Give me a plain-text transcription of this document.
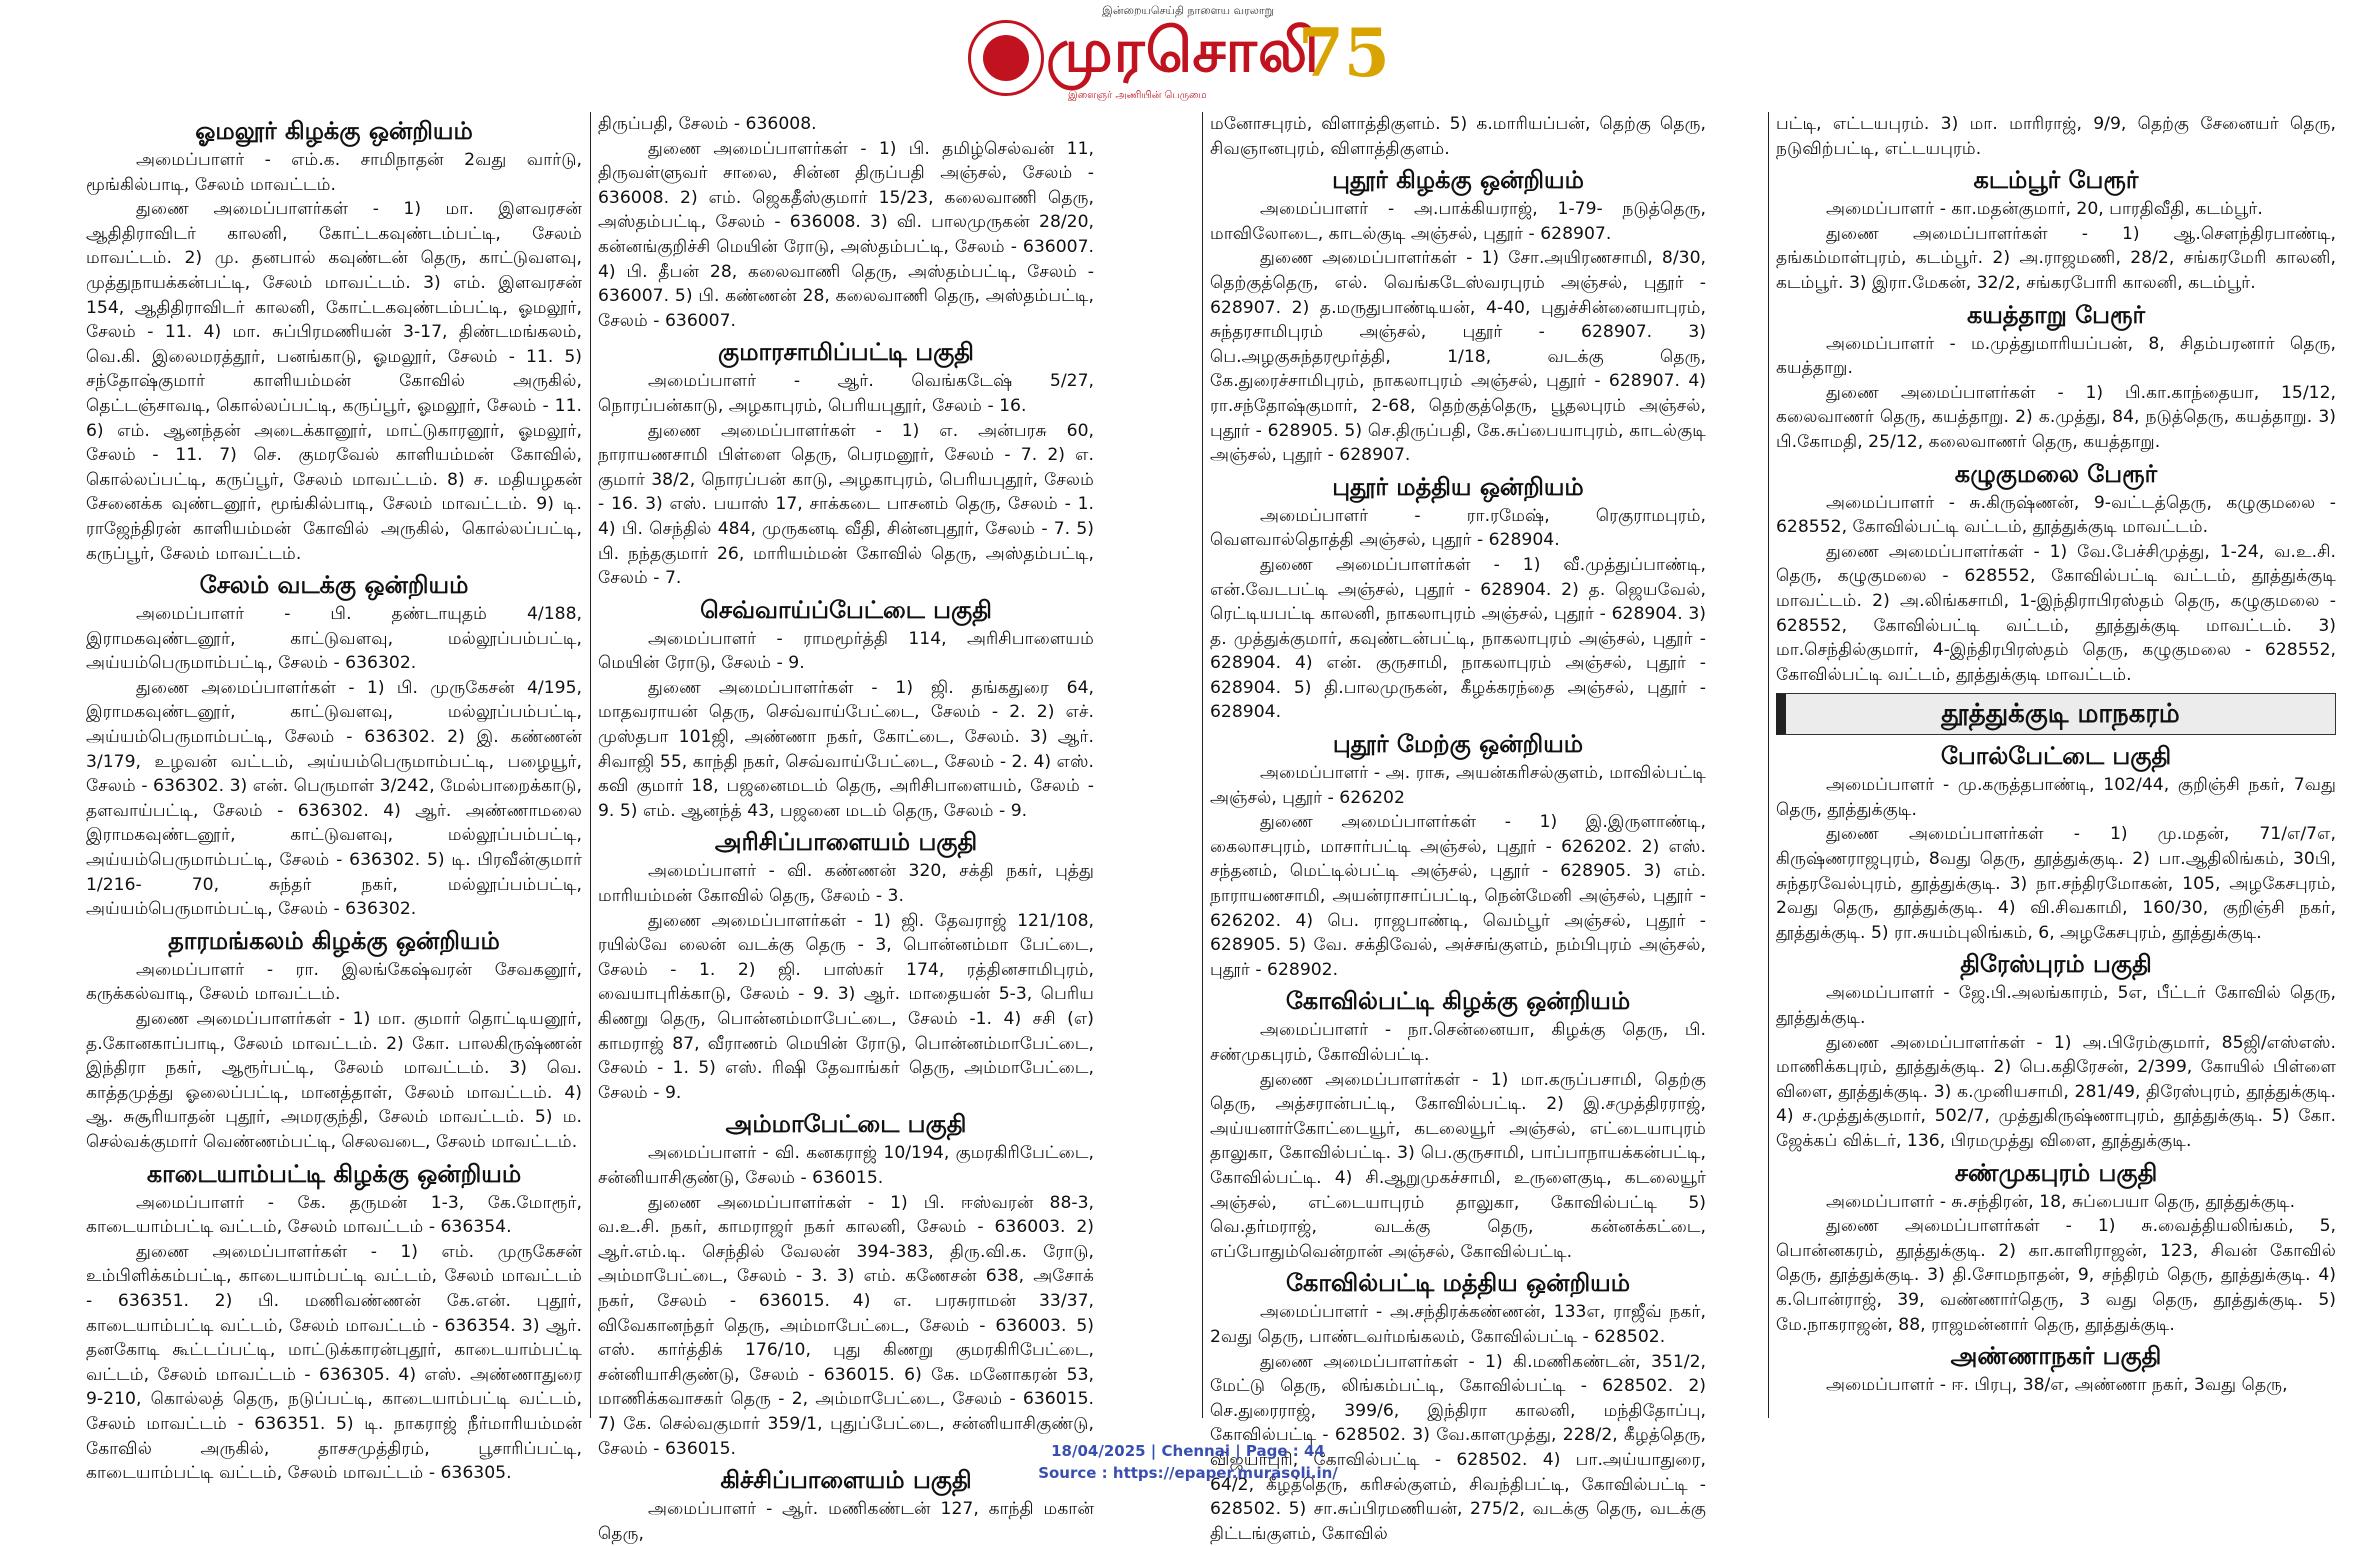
இன்றையசெய்தி நாளைய வரலாறு
முரசொலி
இளைஞர் அணியின் பெருமை
75

ஓமலூர் கிழக்கு ஒன்றியம்

அமைப்பாளர் - எம்.க. சாமிநாதன் 2வது வார்டு, மூங்கில்பாடி, சேலம் மாவட்டம்.

துணை அமைப்பாளர்கள் - 1) மா. இளவரசன் ஆதிதிராவிடர் காலனி, கோட்டகவுண்டம்பட்டி, சேலம் மாவட்டம். 2) மு. தனபால் கவுண்டன் தெரு, காட்டுவளவு, முத்துநாயக்கன்பட்டி, சேலம் மாவட்டம். 3) எம். இளவரசன் 154, ஆதிதிராவிடர் காலனி, கோட்டகவுண்டம்பட்டி, ஓமலூர், சேலம் - 11. 4) மா. சுப்பிரமணியன் 3-17, திண்டமங்கலம், வெ.கி. இலைமரத்தூர், பனங்காடு, ஓமலூர், சேலம் - 11. 5) சந்தோஷ்குமார் காளியம்மன் கோவில் அருகில், தெட்டஞ்சாவடி, கொல்லப்பட்டி, கருப்பூர், ஓமலூர், சேலம் - 11. 6) எம். ஆனந்தன் அடைக்கானூர், மாட்டுகாரனூர், ஓமலூர், சேலம் - 11. 7) செ. குமரவேல் காளியம்மன் கோவில், கொல்லப்பட்டி, கருப்பூர், சேலம் மாவட்டம். 8) ச. மதியழகன் சேனைக்க வுண்டனூர், மூங்கில்பாடி, சேலம் மாவட்டம். 9) டி. ராஜேந்திரன் காளியம்மன் கோவில் அருகில், கொல்லப்பட்டி, கருப்பூர், சேலம் மாவட்டம்.

சேலம் வடக்கு ஒன்றியம்

அமைப்பாளர் - பி. தண்டாயுதம் 4/188, இராமகவுண்டனூர், காட்டுவளவு, மல்லூப்பம்பட்டி, அய்யம்பெருமாம்பட்டி, சேலம் - 636302.

துணை அமைப்பாளர்கள் - 1) பி. முருகேசன் 4/195, இராமகவுண்டனூர், காட்டுவளவு, மல்லூப்பம்பட்டி, அய்யம்பெருமாம்பட்டி, சேலம் - 636302. 2) இ. கண்ணன் 3/179, உழவன் வட்டம், அய்யம்பெருமாம்பட்டி, பழையூர், சேலம் - 636302. 3) என். பெருமாள் 3/242, மேல்பாறைக்காடு, தளவாய்பட்டி, சேலம் - 636302. 4) ஆர். அண்ணாமலை இராமகவுண்டனூர், காட்டுவளவு, மல்லூப்பம்பட்டி, அய்யம்பெருமாம்பட்டி, சேலம் - 636302. 5) டி. பிரவீன்குமார் 1/216- 70, சுந்தர் நகர், மல்லூப்பம்பட்டி, அய்யம்பெருமாம்பட்டி, சேலம் - 636302.

தாரமங்கலம் கிழக்கு ஒன்றியம்

அமைப்பாளர் - ரா. இலங்கேஷ்வரன் சேவகனூர், கருக்கல்வாடி, சேலம் மாவட்டம்.

துணை அமைப்பாளர்கள் - 1) மா. குமார் தொட்டியனூர், த.கோனகாப்பாடி, சேலம் மாவட்டம். 2) கோ. பாலகிருஷ்ணன் இந்திரா நகர், ஆரூர்பட்டி, சேலம் மாவட்டம். 3) வெ. காத்தமுத்து ஓலைப்பட்டி, மானத்தாள், சேலம் மாவட்டம். 4) ஆ. சுசூரியாதன் புதூர், அமரகுந்தி, சேலம் மாவட்டம். 5) ம. செல்வக்குமார் வெண்ணம்பட்டி, செலவடை, சேலம் மாவட்டம்.

காடையாம்பட்டி கிழக்கு ஒன்றியம்

அமைப்பாளர் - கே. தருமன் 1-3, கே.மோரூர், காடையாம்பட்டி வட்டம், சேலம் மாவட்டம் - 636354.

துணை அமைப்பாளர்கள் - 1) எம். முருகேசன் உம்பிளிக்கம்பட்டி, காடையாம்பட்டி வட்டம், சேலம் மாவட்டம் - 636351. 2) பி. மணிவண்ணன் கே.என். புதூர், காடையாம்பட்டி வட்டம், சேலம் மாவட்டம் - 636354. 3) ஆர். தனகோடி கூட்டப்பட்டி, மாட்டுக்காரன்புதூர், காடையாம்பட்டி வட்டம், சேலம் மாவட்டம் - 636305. 4) எஸ். அண்ணாதுரை 9-210, கொல்லத் தெரு, நடுப்பட்டி, காடையாம்பட்டி வட்டம், சேலம் மாவட்டம் - 636351. 5) டி. நாகராஜ் நீர்மாரியம்மன் கோவில் அருகில், தாசசமுத்திரம், பூசாரிப்பட்டி, காடையாம்பட்டி வட்டம், சேலம் மாவட்டம் - 636305.

திருப்பதி, சேலம் - 636008.

துணை அமைப்பாளர்கள் - 1) பி. தமிழ்செல்வன் 11, திருவள்ளுவர் சாலை, சின்ன திருப்பதி அஞ்சல், சேலம் - 636008. 2) எம். ஜெகதீஸ்குமார் 15/23, கலைவாணி தெரு, அஸ்தம்பட்டி, சேலம் - 636008. 3) வி. பாலமுருகன் 28/20, கன்னங்குறிச்சி மெயின் ரோடு, அஸ்தம்பட்டி, சேலம் - 636007. 4) பி. தீபன் 28, கலைவாணி தெரு, அஸ்தம்பட்டி, சேலம் - 636007. 5) பி. கண்ணன் 28, கலைவாணி தெரு, அஸ்தம்பட்டி, சேலம் - 636007.

குமாரசாமிப்பட்டி பகுதி

அமைப்பாளர் - ஆர். வெங்கடேஷ் 5/27, நொரப்பன்காடு, அழகாபுரம், பெரியபுதூர், சேலம் - 16.

துணை அமைப்பாளர்கள் - 1) எ. அன்பரசு 60, நாராயணசாமி பிள்ளை தெரு, பெரமனூர், சேலம் - 7. 2) எ. குமார் 38/2, நொரப்பன் காடு, அழகாபுரம், பெரியபுதூர், சேலம் - 16. 3) எஸ். பயாஸ் 17, சாக்கடை பாசனம் தெரு, சேலம் - 1. 4) பி. செந்தில் 484, முருகனடி வீதி, சின்னபுதூர், சேலம் - 7. 5) பி. நந்தகுமார் 26, மாரியம்மன் கோவில் தெரு, அஸ்தம்பட்டி, சேலம் - 7.

செவ்வாய்ப்பேட்டை பகுதி

அமைப்பாளர் - ராமமூர்த்தி 114, அரிசிபாளையம் மெயின் ரோடு, சேலம் - 9.

துணை அமைப்பாளர்கள் - 1) ஜி. தங்கதுரை 64, மாதவராயன் தெரு, செவ்வாய்பேட்டை, சேலம் - 2. 2) எச். முஸ்தபா 101ஜி, அண்ணா நகர், கோட்டை, சேலம். 3) ஆர். சிவாஜி 55, காந்தி நகர், செவ்வாய்பேட்டை, சேலம் - 2. 4) எஸ். கவி குமார் 18, பஜனைமடம் தெரு, அரிசிபாளையம், சேலம் - 9. 5) எம். ஆனந்த் 43, பஜனை மடம் தெரு, சேலம் - 9.

அரிசிப்பாளையம் பகுதி

அமைப்பாளர் - வி. கண்ணன் 320, சக்தி நகர், புத்து மாரியம்மன் கோவில் தெரு, சேலம் - 3.

துணை அமைப்பாளர்கள் - 1) ஜி. தேவராஜ் 121/108, ரயில்வே லைன் வடக்கு தெரு - 3, பொன்னம்மா பேட்டை, சேலம் - 1. 2) ஜி. பாஸ்கர் 174, ரத்தினசாமிபுரம், வையாபுரிக்காடு, சேலம் - 9. 3) ஆர். மாதையன் 5-3, பெரிய கிணறு தெரு, பொன்னம்மாபேட்டை, சேலம் -1. 4) சசி (எ) காமராஜ் 87, வீராணம் மெயின் ரோடு, பொன்னம்மாபேட்டை, சேலம் - 1. 5) எஸ். ரிஷி தேவாங்கர் தெரு, அம்மாபேட்டை, சேலம் - 9.

அம்மாபேட்டை பகுதி

அமைப்பாளர் - வி. கனகராஜ் 10/194, குமரகிரிபேட்டை, சன்னியாசிகுண்டு, சேலம் - 636015.

துணை அமைப்பாளர்கள் - 1) பி. ஈஸ்வரன் 88-3, வ.உ.சி. நகர், காமராஜர் நகர் காலனி, சேலம் - 636003. 2) ஆர்.எம்.டி. செந்தில் வேலன் 394-383, திரு.வி.க. ரோடு, அம்மாபேட்டை, சேலம் - 3. 3) எம். கணேசன் 638, அசோக் நகர், சேலம் - 636015. 4) எ. பரசுராமன் 33/37, விவேகானந்தர் தெரு, அம்மாபேட்டை, சேலம் - 636003. 5) எஸ். கார்த்திக் 176/10, புது கிணறு குமரகிரிபேட்டை, சன்னியாசிகுண்டு, சேலம் - 636015. 6) கே. மனோகரன் 53, மாணிக்கவாசகர் தெரு - 2, அம்மாபேட்டை, சேலம் - 636015. 7) கே. செல்வகுமார் 359/1, புதுப்பேட்டை, சன்னியாசிகுண்டு, சேலம் - 636015.

கிச்சிப்பாளையம் பகுதி

அமைப்பாளர் - ஆர். மணிகண்டன் 127, காந்தி மகான் தெரு,

மனோசபுரம், விளாத்திகுளம். 5) க.மாரியப்பன், தெற்கு தெரு, சிவஞானபுரம், விளாத்திகுளம்.

புதூர் கிழக்கு ஒன்றியம்

அமைப்பாளர் - அ.பாக்கியராஜ், 1-79- நடுத்தெரு, மாவிலோடை, காடல்குடி அஞ்சல், புதூர் - 628907.

துணை அமைப்பாளர்கள் - 1) சோ.அயிரணசாமி, 8/30, தெற்குத்தெரு, எல். வெங்கடேஸ்வரபுரம் அஞ்சல், புதூர் - 628907. 2) த.மருதுபாண்டியன், 4-40, புதுச்சின்னையாபுரம், சுந்தரசாமிபுரம் அஞ்சல், புதூர் - 628907. 3) பெ.அழகுசுந்தரமூர்த்தி, 1/18, வடக்கு தெரு, கே.துரைச்சாமிபுரம், நாகலாபுரம் அஞ்சல், புதூர் - 628907. 4) ரா.சந்தோஷ்குமார், 2-68, தெற்குத்தெரு, பூதலபுரம் அஞ்சல், புதூர் - 628905. 5) செ.திருப்பதி, கே.சுப்பையாபுரம், காடல்குடி அஞ்சல், புதூர் - 628907.

புதூர் மத்திய ஒன்றியம்

அமைப்பாளர் - ரா.ரமேஷ், ரெகுராமபுரம், வெளவால்தொத்தி அஞ்சல், புதூர் - 628904.

துணை அமைப்பாளர்கள் - 1) வீ.முத்துப்பாண்டி, என்.வேடபட்டி அஞ்சல், புதூர் - 628904. 2) த. ஜெயவேல், ரெட்டியபட்டி காலனி, நாகலாபுரம் அஞ்சல், புதூர் - 628904. 3) த. முத்துக்குமார், கவுண்டன்பட்டி, நாகலாபுரம் அஞ்சல், புதூர் - 628904. 4) என். குருசாமி, நாகலாபுரம் அஞ்சல், புதூர் - 628904. 5) தி.பாலமுருகன், கீழக்கரந்தை அஞ்சல், புதூர் - 628904.

புதூர் மேற்கு ஒன்றியம்

அமைப்பாளர் - அ. ராசு, அயன்கரிசல்குளம், மாவில்பட்டி அஞ்சல், புதூர் - 626202

துணை அமைப்பாளர்கள் - 1) இ.இருளாண்டி, கைலாசபுரம், மாசார்பட்டி அஞ்சல், புதூர் - 626202. 2) எஸ். சந்தனம், மெட்டில்பட்டி அஞ்சல், புதூர் - 628905. 3) எம். நாராயணசாமி, அயன்ராசாப்பட்டி, நென்மேனி அஞ்சல், புதூர் - 626202. 4) பெ. ராஜபாண்டி, வெம்பூர் அஞ்சல், புதூர் - 628905. 5) வே. சக்திவேல், அச்சங்குளம், நம்பிபுரம் அஞ்சல், புதூர் - 628902.

கோவில்பட்டி கிழக்கு ஒன்றியம்

அமைப்பாளர் - நா.சென்னையா, கிழக்கு தெரு, பி. சண்முகபுரம், கோவில்பட்டி.

துணை அமைப்பாளர்கள் - 1) மா.கருப்பசாமி, தெற்கு தெரு, அத்சரான்பட்டி, கோவில்பட்டி. 2) இ.சமுத்திரராஜ், அய்யனார்கோட்டையூர், கடலையூர் அஞ்சல், எட்டையாபுரம் தாலுகா, கோவில்பட்டி. 3) பெ.குருசாமி, பாப்பாநாயக்கன்பட்டி, கோவில்பட்டி. 4) சி.ஆறுமுகச்சாமி, உருளைகுடி, கடலையூர் அஞ்சல், எட்டையாபுரம் தாலுகா, கோவில்பட்டி 5) வெ.தர்மராஜ், வடக்கு தெரு, கன்னக்கட்டை, எப்போதும்வென்றான் அஞ்சல், கோவில்பட்டி.

கோவில்பட்டி மத்திய ஒன்றியம்

அமைப்பாளர் - அ.சந்திரக்கண்ணன், 133எ, ராஜீவ் நகர், 2வது தெரு, பாண்டவர்மங்கலம், கோவில்பட்டி - 628502.

துணை அமைப்பாளர்கள் - 1) கி.மணிகண்டன், 351/2, மேட்டு தெரு, லிங்கம்பட்டி, கோவில்பட்டி - 628502. 2) செ.துரைராஜ், 399/6, இந்திரா காலனி, மந்திதோப்பு, கோவில்பட்டி - 628502. 3) வே.காளமுத்து, 228/2, கீழத்தெரு, விஜயாபுரி, கோவில்பட்டி - 628502. 4) பா.அய்யாதுரை, 64/2, கீழத்தெரு, கரிசல்குளம், சிவந்திபட்டி, கோவில்பட்டி - 628502. 5) சா.சுப்பிரமணியன், 275/2, வடக்கு தெரு, வடக்கு திட்டங்குளம், கோவில்

பட்டி, எட்டயபுரம். 3) மா. மாரிராஜ், 9/9, தெற்கு சேனையர் தெரு, நடுவிற்பட்டி, எட்டயபுரம்.

கடம்பூர் பேரூர்

அமைப்பாளர் - கா.மதன்குமார், 20, பாரதிவீதி, கடம்பூர்.

துணை அமைப்பாளர்கள் - 1) ஆ.சௌந்திரபாண்டி, தங்கம்மாள்புரம், கடம்பூர். 2) அ.ராஜமணி, 28/2, சங்கரமேரி காலனி, கடம்பூர். 3) இரா.மேகன், 32/2, சங்கரபோரி காலனி, கடம்பூர்.

கயத்தாறு பேரூர்

அமைப்பாளர் - ம.முத்துமாரியப்பன், 8, சிதம்பரனார் தெரு, கயத்தாறு.

துணை அமைப்பாளர்கள் - 1) பி.கா.காந்தையா, 15/12, கலைவாணர் தெரு, கயத்தாறு. 2) க.முத்து, 84, நடுத்தெரு, கயத்தாறு. 3) பி.கோமதி, 25/12, கலைவாணர் தெரு, கயத்தாறு.

கழுகுமலை பேரூர்

அமைப்பாளர் - சு.கிருஷ்ணன், 9-வட்டத்தெரு, கழுகுமலை - 628552, கோவில்பட்டி வட்டம், தூத்துக்குடி மாவட்டம்.

துணை அமைப்பாளர்கள் - 1) வே.பேச்சிமுத்து, 1-24, வ.உ.சி. தெரு, கழுகுமலை - 628552, கோவில்பட்டி வட்டம், தூத்துக்குடி மாவட்டம். 2) அ.லிங்கசாமி, 1-இந்திராபிரஸ்தம் தெரு, கழுகுமலை - 628552, கோவில்பட்டி வட்டம், தூத்துக்குடி மாவட்டம். 3) மா.செந்தில்குமார், 4-இந்திரபிரஸ்தம் தெரு, கழுகுமலை - 628552, கோவில்பட்டி வட்டம், தூத்துக்குடி மாவட்டம்.

தூத்துக்குடி மாநகரம்

போல்பேட்டை பகுதி

அமைப்பாளர் - மு.கருத்தபாண்டி, 102/44, குறிஞ்சி நகர், 7வது தெரு, தூத்துக்குடி.

துணை அமைப்பாளர்கள் - 1) மு.மதன், 71/எ/7எ, கிருஷ்ணராஜபுரம், 8வது தெரு, தூத்துக்குடி. 2) பா.ஆதிலிங்கம், 30பி, சுந்தரவேல்புரம், தூத்துக்குடி. 3) நா.சந்திரமோகன், 105, அழகேசபுரம், 2வது தெரு, தூத்துக்குடி. 4) வி.சிவகாமி, 160/30, குறிஞ்சி நகர், தூத்துக்குடி. 5) ரா.சுயம்புலிங்கம், 6, அழகேசபுரம், தூத்துக்குடி.

திரேஸ்புரம் பகுதி

அமைப்பாளர் - ஜே.பி.அலங்காரம், 5எ, பீட்டர் கோவில் தெரு, தூத்துக்குடி.

துணை அமைப்பாளர்கள் - 1) அ.பிரேம்குமார், 85ஜி/எஸ்எஸ். மாணிக்கபுரம், தூத்துக்குடி. 2) பெ.கதிரேசன், 2/399, கோயில் பிள்ளை விளை, தூத்துக்குடி. 3) க.முனியசாமி, 281/49, திரேஸ்புரம், தூத்துக்குடி. 4) ச.முத்துக்குமார், 502/7, முத்துகிருஷ்ணாபுரம், தூத்துக்குடி. 5) கோ. ஜேக்கப் விக்டர், 136, பிரமமுத்து விளை, தூத்துக்குடி.

சண்முகபுரம் பகுதி

அமைப்பாளர் - சு.சந்திரன், 18, சுப்பையா தெரு, தூத்துக்குடி.

துணை அமைப்பாளர்கள் - 1) சு.வைத்தியலிங்கம், 5, பொன்னகரம், தூத்துக்குடி. 2) கா.காளிராஜன், 123, சிவன் கோவில் தெரு, தூத்துக்குடி. 3) தி.சோமநாதன், 9, சந்திரம் தெரு, தூத்துக்குடி. 4) க.பொன்ராஜ், 39, வண்ணார்தெரு, 3 வது தெரு, தூத்துக்குடி. 5) மே.நாகராஜன், 88, ராஜமன்னார் தெரு, தூத்துக்குடி.

அண்ணாநகர் பகுதி

அமைப்பாளர் - ஈ. பிரபு, 38/எ, அண்ணா நகர், 3வது தெரு,

18/04/2025 | Chennai | Page : 44
Source : https://epaper.murasoli.in/
